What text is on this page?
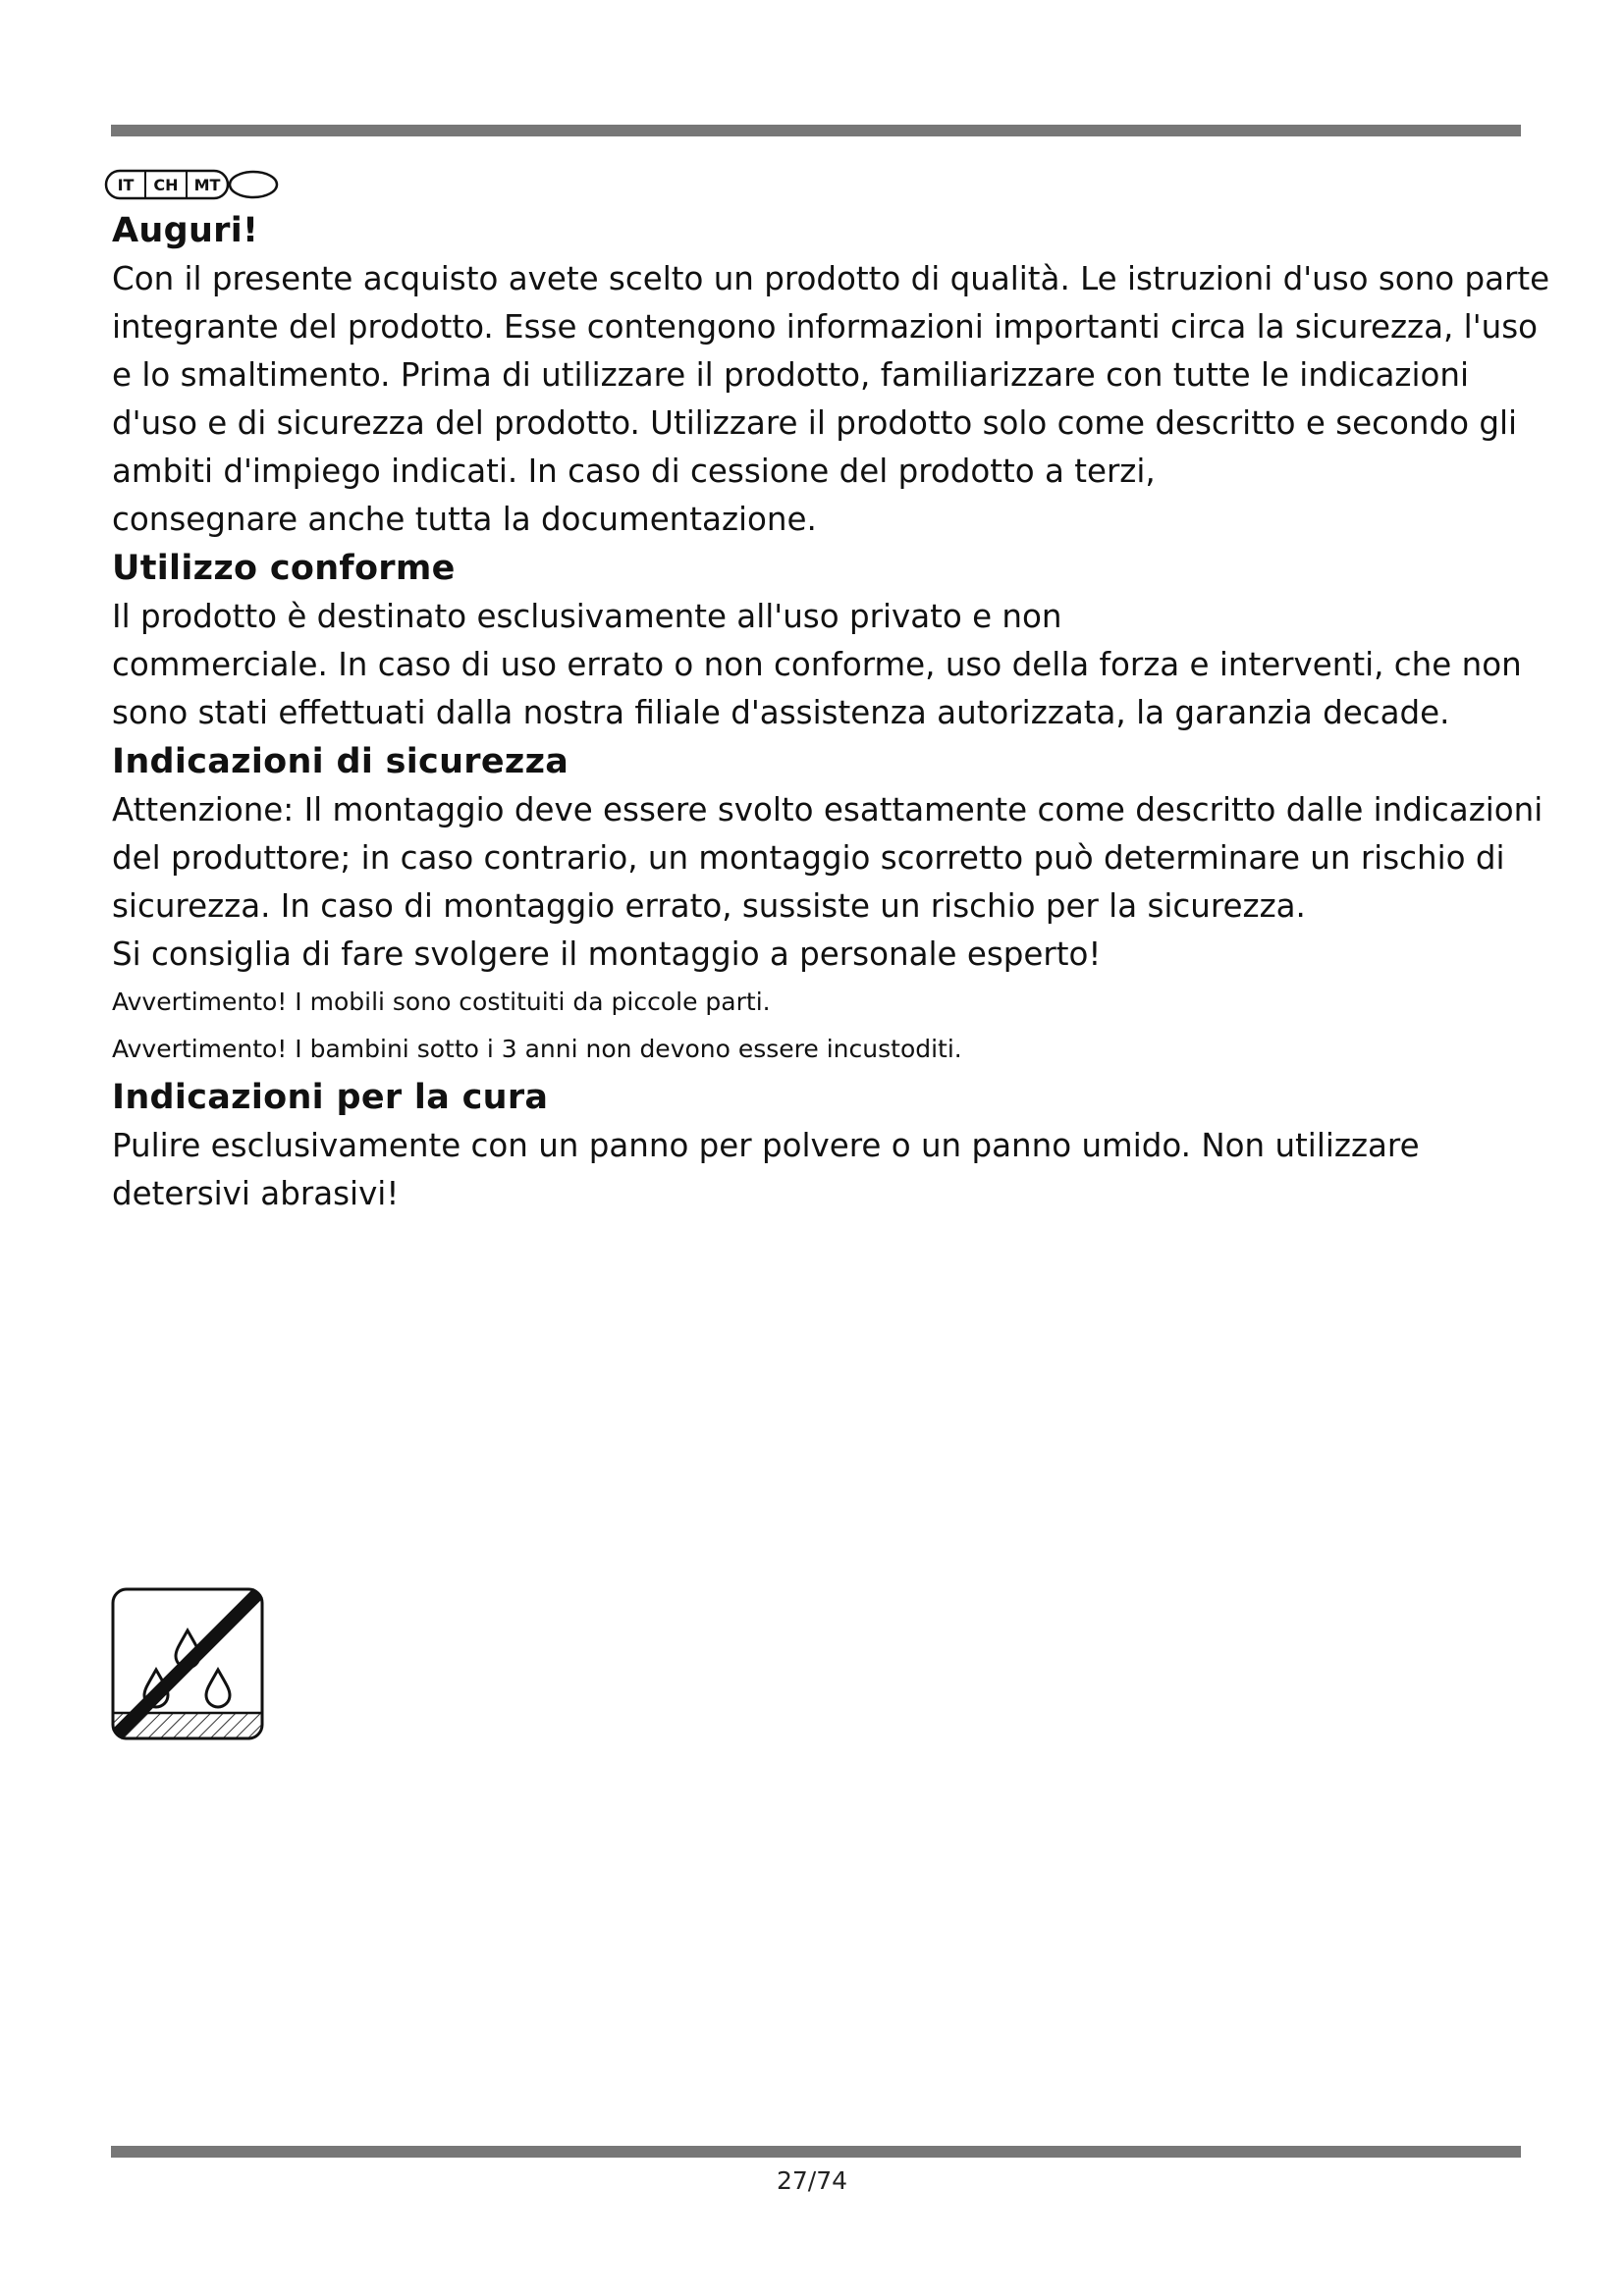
IT CH MT
Auguri!

Con il presente acquisto avete scelto un prodotto di qualità. Le istruzioni d'uso sono parte

integrante del prodotto. Esse contengono informazioni importanti circa la sicurezza, l'uso

e lo smaltimento. Prima di utilizzare il prodotto, familiarizzare con tutte le indicazioni

d'uso e di sicurezza del prodotto. Utilizzare il prodotto solo come descritto e secondo gli

ambiti d'impiego indicati. In caso di cessione del prodotto a terzi,

consegnare anche tutta la documentazione.

Utilizzo conforme

Il prodotto è destinato esclusivamente all'uso privato e non

commerciale. In caso di uso errato o non conforme, uso della forza e interventi, che non

sono stati effettuati dalla nostra filiale d'assistenza autorizzata, la garanzia decade.

Indicazioni di sicurezza

Attenzione: Il montaggio deve essere svolto esattamente come descritto dalle indicazioni

del produttore; in caso contrario, un montaggio scorretto può determinare un rischio di

sicurezza. In caso di montaggio errato, sussiste un rischio per la sicurezza.

Si consiglia di fare svolgere il montaggio a personale esperto!

Avvertimento! I mobili sono costituiti da piccole parti.

Avvertimento! I bambini sotto i 3 anni non devono essere incustoditi.

Indicazioni per la cura

Pulire esclusivamente con un panno per polvere o un panno umido. Non utilizzare

detersivi abrasivi!

27/74
